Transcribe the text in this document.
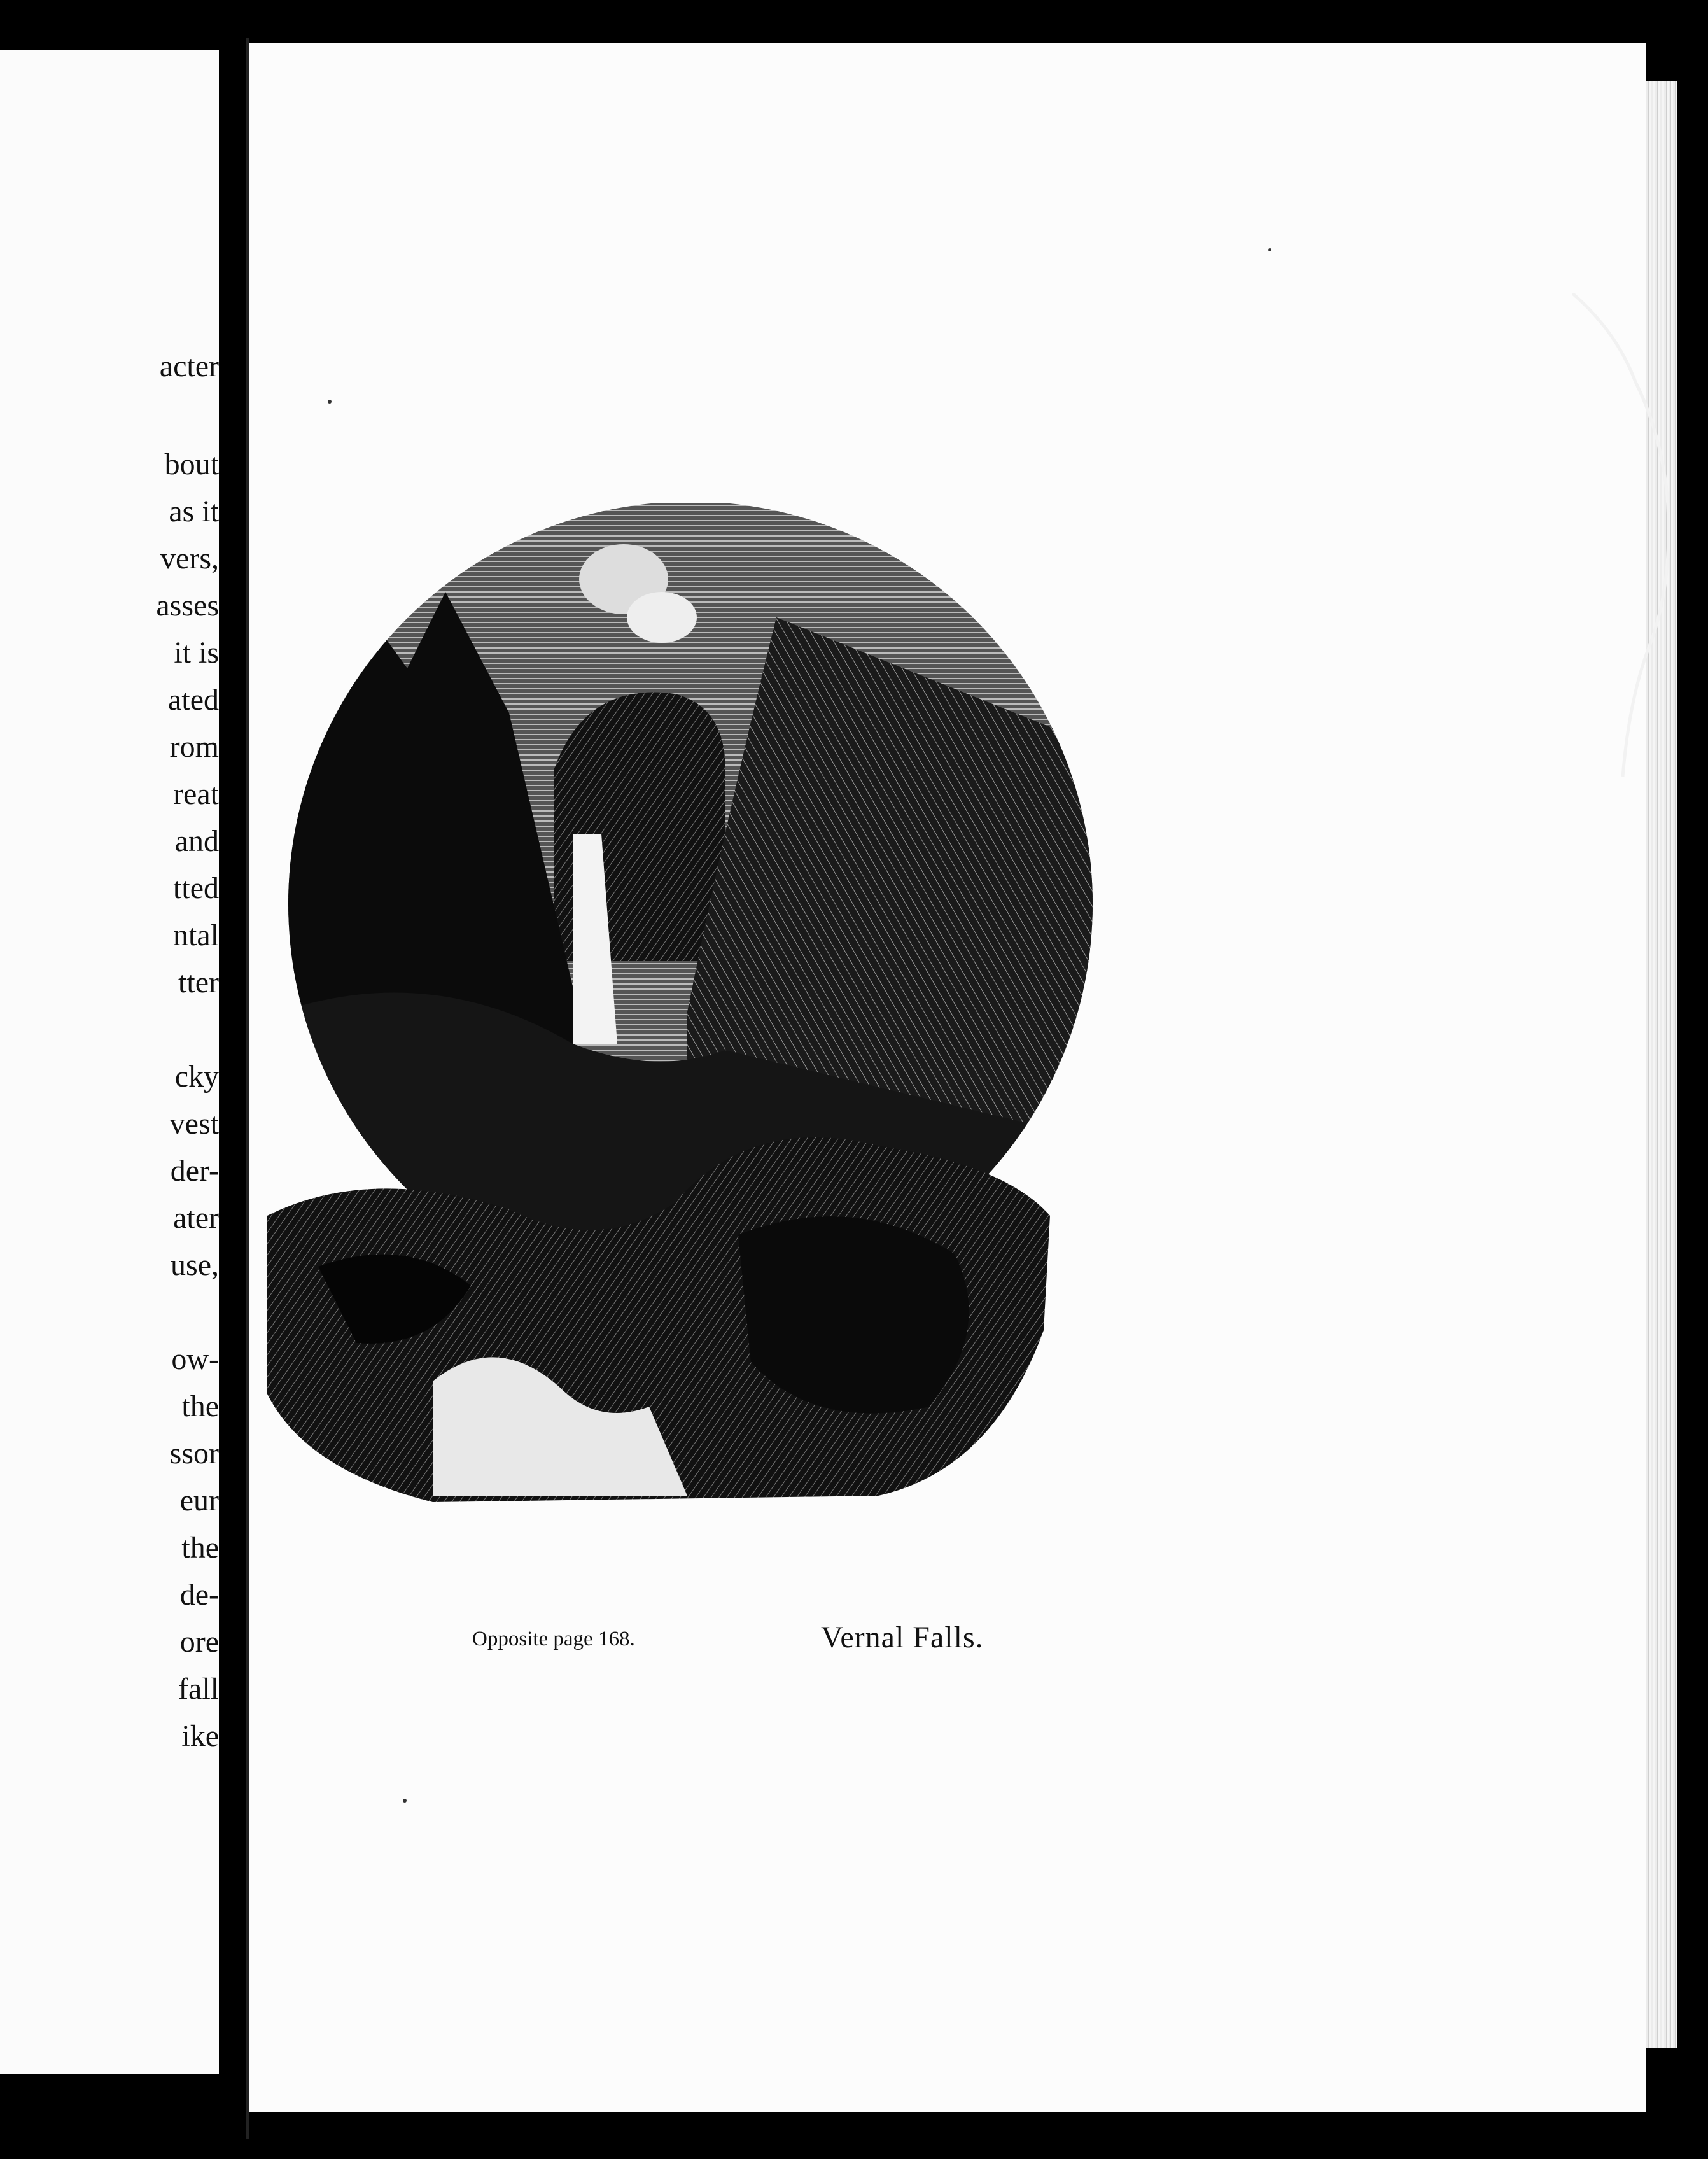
acter
bout
as it
vers,
asses
it is
ated
rom
reat
and
tted
ntal
tter
cky
vest
der-
ater
use,
ow-
the
ssor
eur
the
de-
ore
fall
ike
Opposite page 168.	Vernal Falls.
